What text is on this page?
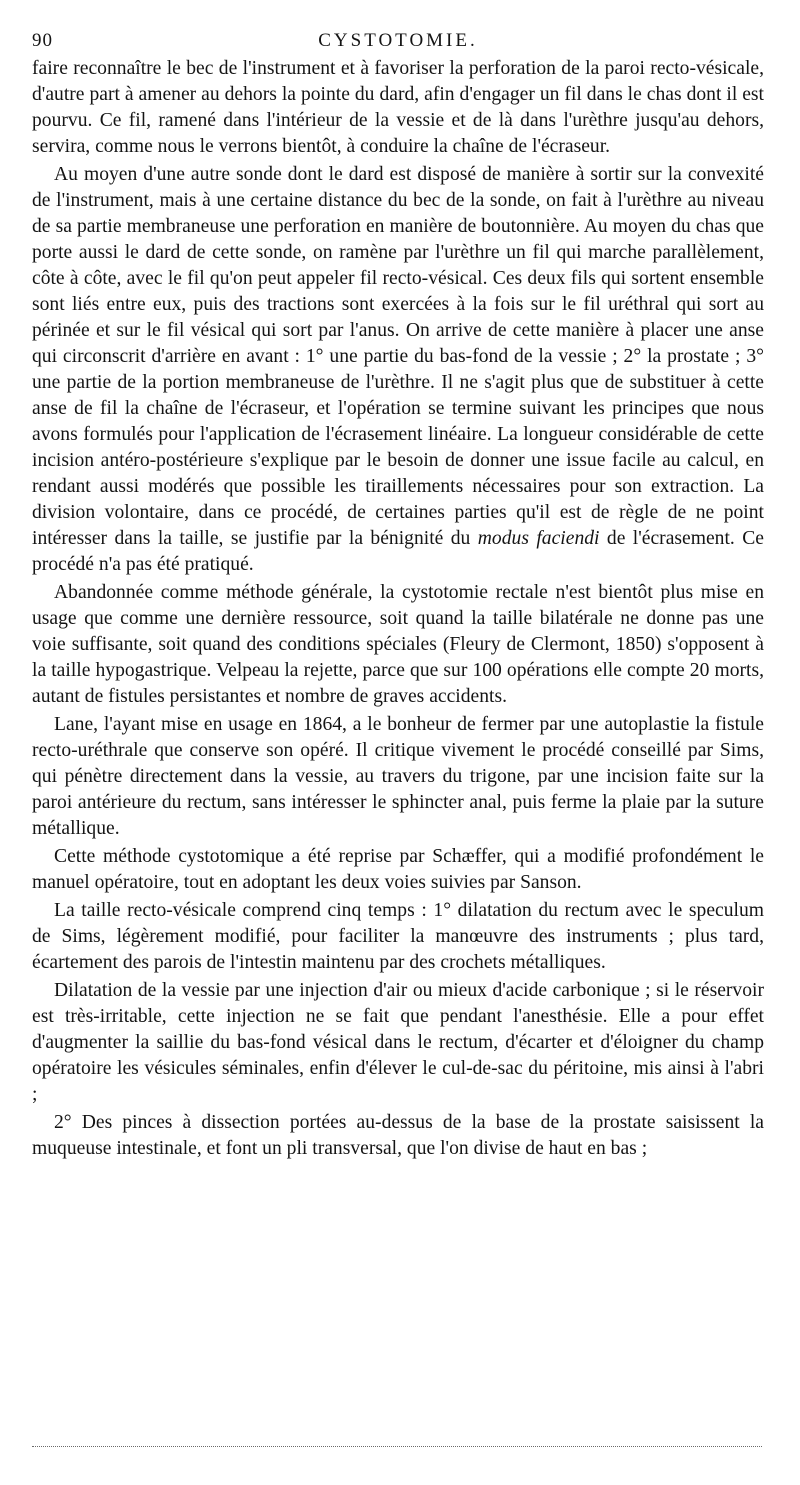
90	CYSTOTOMIE.

faire reconnaître le bec de l'instrument et à favoriser la perforation de la paroi recto-vésicale, d'autre part à amener au dehors la pointe du dard, afin d'engager un fil dans le chas dont il est pourvu. Ce fil, ramené dans l'intérieur de la vessie et de là dans l'urèthre jusqu'au dehors, servira, comme nous le verrons bientôt, à conduire la chaîne de l'écraseur.

Au moyen d'une autre sonde dont le dard est disposé de manière à sortir sur la convexité de l'instrument, mais à une certaine distance du bec de la sonde, on fait à l'urèthre au niveau de sa partie membraneuse une perforation en manière de boutonnière. Au moyen du chas que porte aussi le dard de cette sonde, on ramène par l'urèthre un fil qui marche parallèlement, côte à côte, avec le fil qu'on peut appeler fil recto-vésical. Ces deux fils qui sortent ensemble sont liés entre eux, puis des tractions sont exercées à la fois sur le fil uréthral qui sort au périnée et sur le fil vésical qui sort par l'anus. On arrive de cette manière à placer une anse qui circonscrit d'arrière en avant : 1° une partie du bas-fond de la vessie ; 2° la prostate ; 3° une partie de la portion membraneuse de l'urèthre. Il ne s'agit plus que de substituer à cette anse de fil la chaîne de l'écraseur, et l'opération se termine suivant les principes que nous avons formulés pour l'application de l'écrasement linéaire. La longueur considérable de cette incision antéro-postérieure s'explique par le besoin de donner une issue facile au calcul, en rendant aussi modérés que possible les tiraillements nécessaires pour son extraction. La division volontaire, dans ce procédé, de certaines parties qu'il est de règle de ne point intéresser dans la taille, se justifie par la bénignité du modus faciendi de l'écrasement. Ce procédé n'a pas été pratiqué.

Abandonnée comme méthode générale, la cystotomie rectale n'est bientôt plus mise en usage que comme une dernière ressource, soit quand la taille bilatérale ne donne pas une voie suffisante, soit quand des conditions spéciales (Fleury de Clermont, 1850) s'opposent à la taille hypogastrique. Velpeau la rejette, parce que sur 100 opérations elle compte 20 morts, autant de fistules persistantes et nombre de graves accidents.

Lane, l'ayant mise en usage en 1864, a le bonheur de fermer par une autoplastie la fistule recto-uréthrale que conserve son opéré. Il critique vivement le procédé conseillé par Sims, qui pénètre directement dans la vessie, au travers du trigone, par une incision faite sur la paroi antérieure du rectum, sans intéresser le sphincter anal, puis ferme la plaie par la suture métallique.

Cette méthode cystotomique a été reprise par Schæffer, qui a modifié profondément le manuel opératoire, tout en adoptant les deux voies suivies par Sanson.

La taille recto-vésicale comprend cinq temps : 1° dilatation du rectum avec le speculum de Sims, légèrement modifié, pour faciliter la manœuvre des instruments ; plus tard, écartement des parois de l'intestin maintenu par des crochets métalliques.

Dilatation de la vessie par une injection d'air ou mieux d'acide carbonique ; si le réservoir est très-irritable, cette injection ne se fait que pendant l'anesthésie. Elle a pour effet d'augmenter la saillie du bas-fond vésical dans le rectum, d'écarter et d'éloigner du champ opératoire les vésicules séminales, enfin d'élever le cul-de-sac du péritoine, mis ainsi à l'abri ;

2° Des pinces à dissection portées au-dessus de la base de la prostate saisissent la muqueuse intestinale, et font un pli transversal, que l'on divise de haut en bas ;
